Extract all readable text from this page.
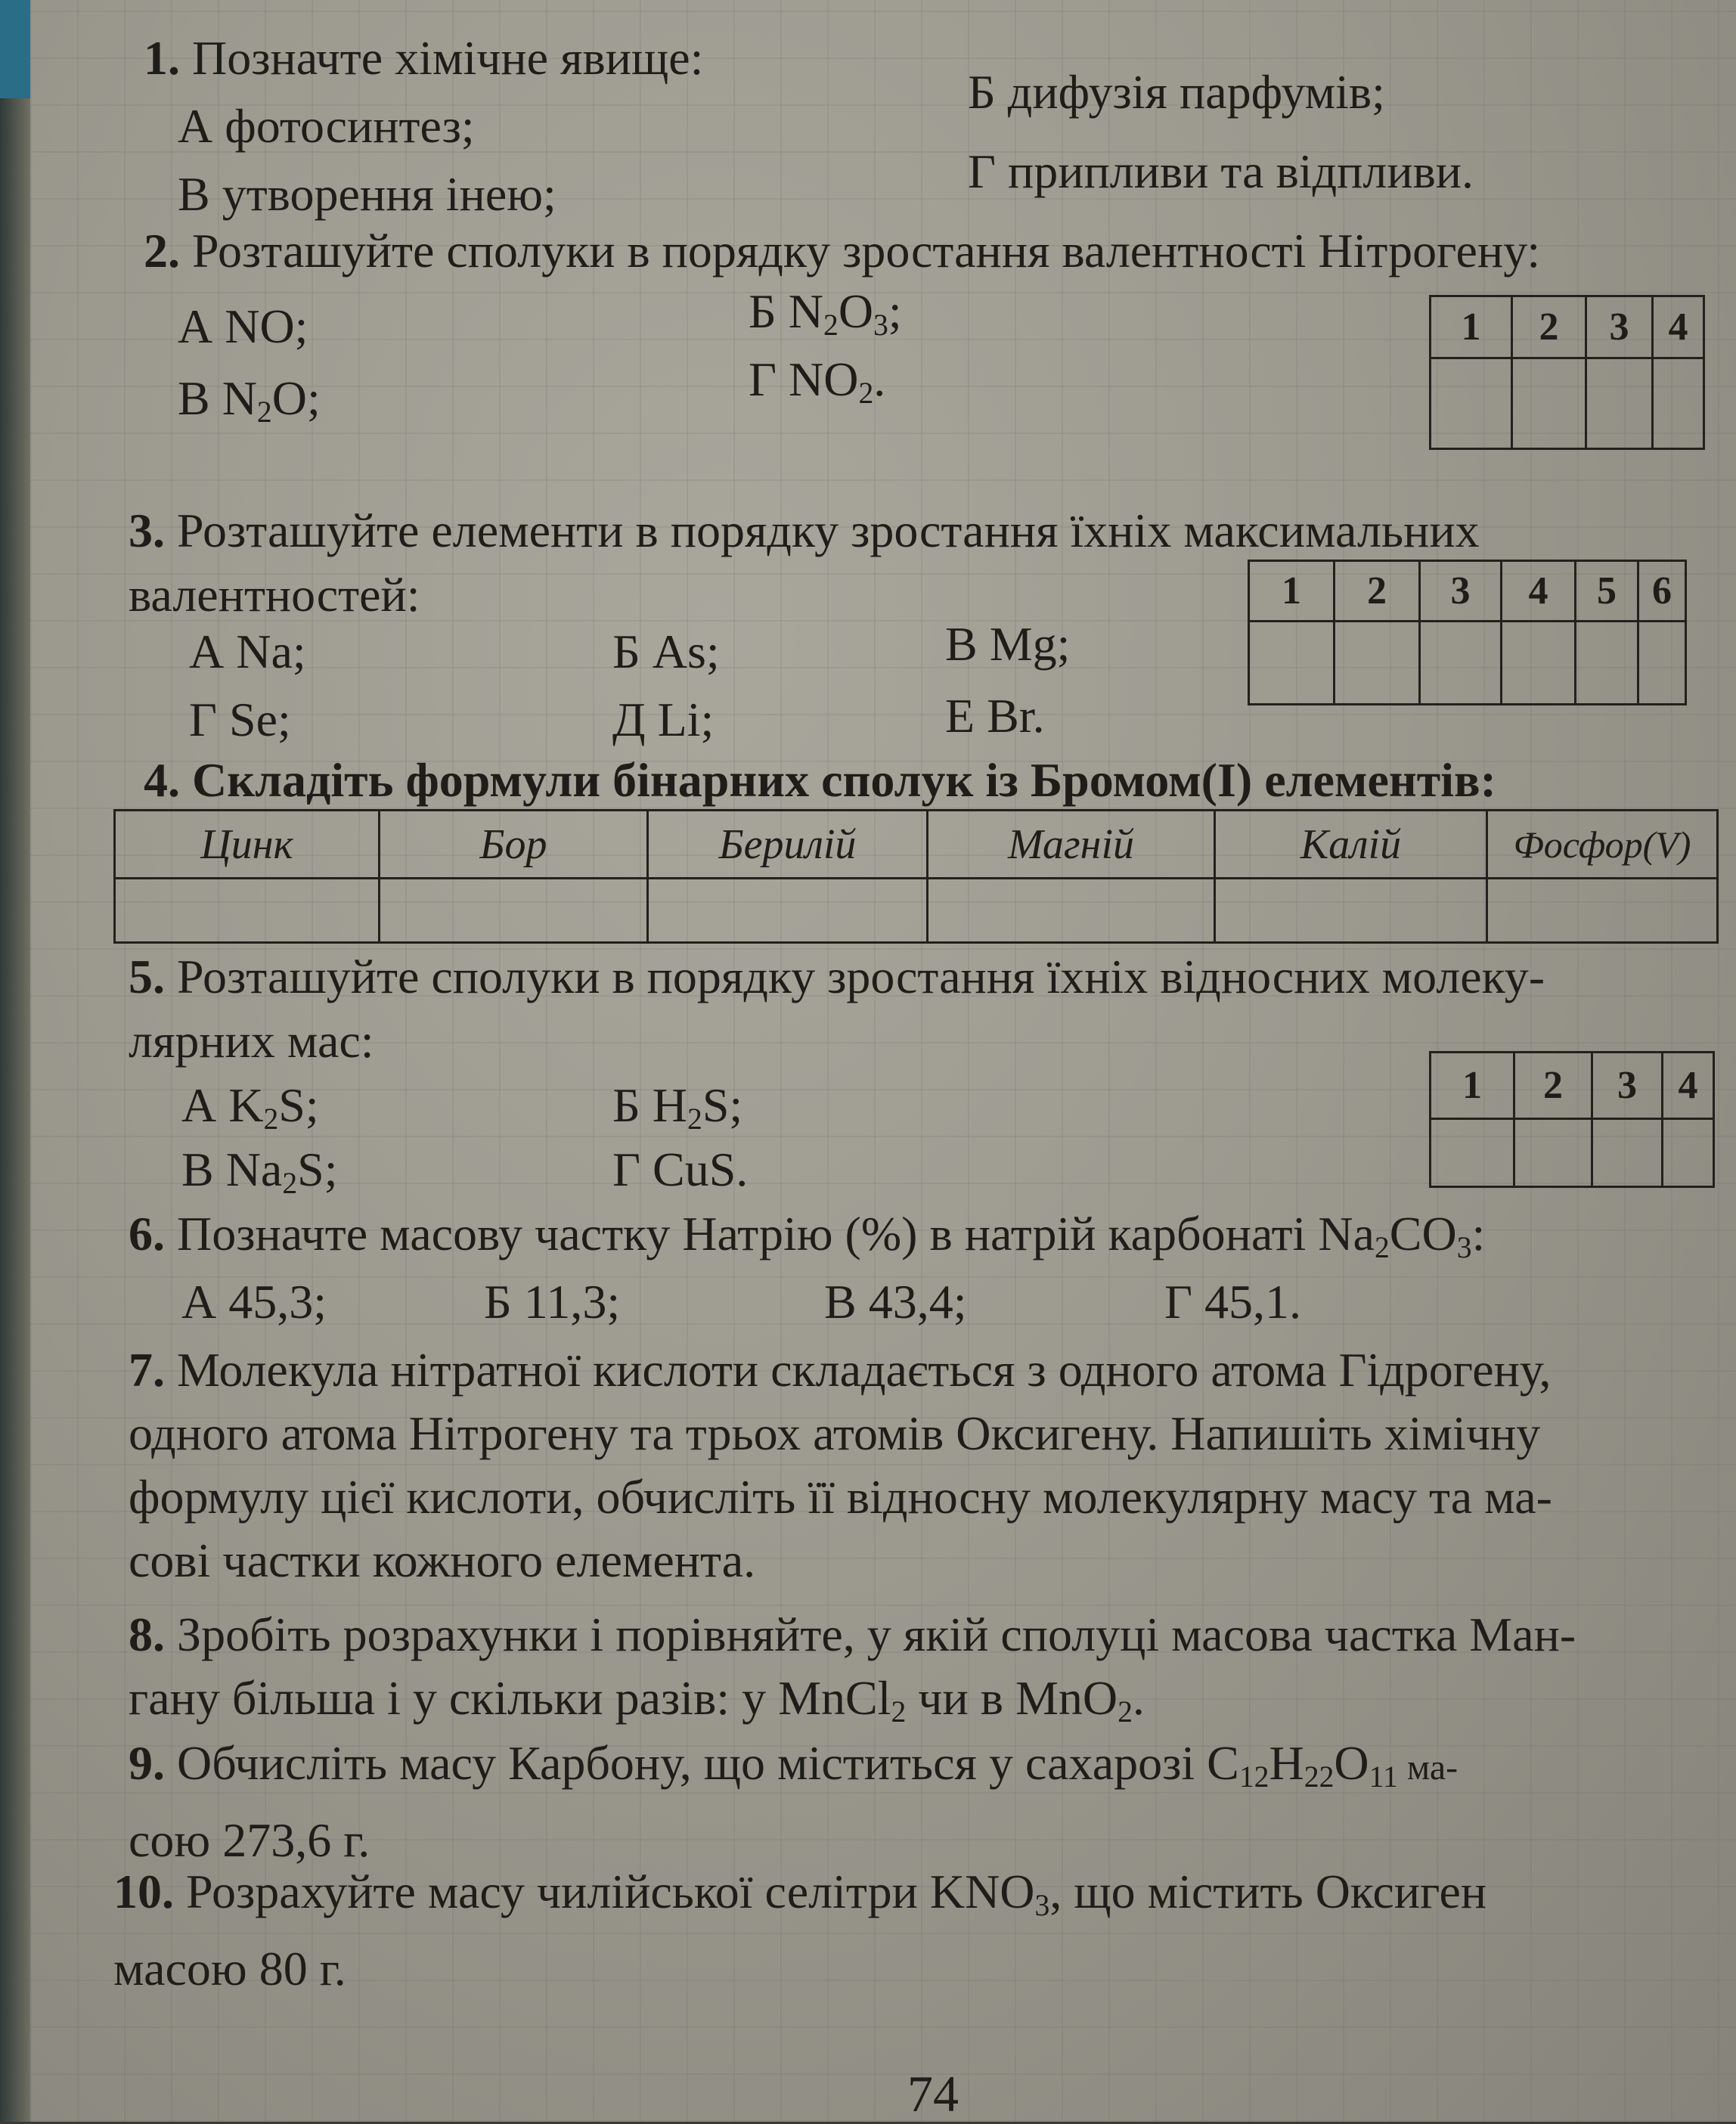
1. Позначте хімічне явище:
А фотосинтез;
Б дифузія парфумів;
В утворення інею;	Г припливи та відпливи.
2. Розташуйте сполуки в порядку зростання валентності Нітрогену:
А NO;	Б $N_2O_3$;
В $N_2O$;	Г $NO_2$.
1	2	3	4

3. Розташуйте елементи в порядку зростання їхніх максимальних
валентностей:
А Na;	Б As;	В Mg;
Г Se;	Д Li;	Е Br.
1	2	3	4	5	6

4. Складіть формули бінарних сполук із Бромом(І) елементів:
Цинк	Бор	Берилій	Магній	Калій	Фосфор(V)

5. Розташуйте сполуки в порядку зростання їхніх відносних молеку-
лярних мас:
А $K_2S$;	Б $H_2S$;
В $Na_2S$;	Г CuS.
1	2	3	4

6. Позначте масову частку Натрію (%) в натрій карбонаті $Na_2CO_3$:
А 45,3;	Б 11,3;	В 43,4;	Г 45,1.
7. Молекула нітратної кислоти складається з одного атома Гідрогену,
одного атома Нітрогену та трьох атомів Оксигену. Напишіть хімічну
формулу цієї кислоти, обчисліть її відносну молекулярну масу та ма-
сові частки кожного елемента.
8. Зробіть розрахунки і порівняйте, у якій сполуці масова частка Ман-
гану більша і у скільки разів: у MnCl$_2$ чи в MnO$_2$.
9. Обчисліть масу Карбону, що міститься у сахарозі $C_{12}H_{22}O_{11}$ ма-
сою 273,6 г.
10. Розрахуйте масу чилійської селітри $KNO_3$, що містить Оксиген
масою 80 г.
74
